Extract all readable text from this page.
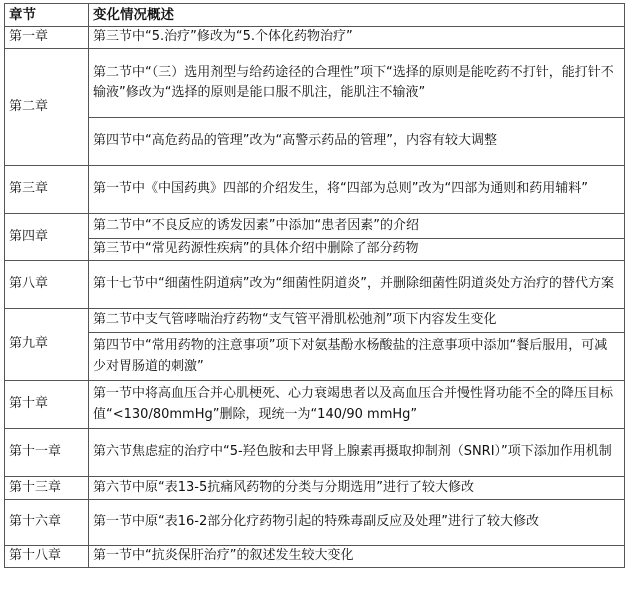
章节	变化情况概述
第一章	第三节中“5.治疗”修改为“5.个体化药物治疗”
第二章	第二节中“（三）选用剂型与给药途径的合理性”项下“选择的原则是能吃药不打针，能打针不输液”修改为“选择的原则是能口服不肌注，能肌注不输液”
	第四节中“高危药品的管理”改为“高警示药品的管理”，内容有较大调整
第三章	第一节中《中国药典》四部的介绍发生，将“四部为总则”改为“四部为通则和药用辅料”
第四章	第二节中“不良反应的诱发因素”中添加“患者因素”的介绍
	第三节中“常见药源性疾病”的具体介绍中删除了部分药物
第八章	第十七节中“细菌性阴道病”改为“细菌性阴道炎”，并删除细菌性阴道炎处方治疗的替代方案
第九章	第二节中支气管哮喘治疗药物“支气管平滑肌松弛剂”项下内容发生变化
	第四节中“常用药物的注意事项”项下对氨基酚水杨酸盐的注意事项中添加“餐后服用，可减少对胃肠道的刺激”
第十章	第一节中将高血压合并心肌梗死、心力衰竭患者以及高血压合并慢性肾功能不全的降压目标值“<130/80mmHg”删除，现统一为“140/90 mmHg”
第十一章	第六节焦虑症的治疗中“5-羟色胺和去甲肾上腺素再摄取抑制剂（SNRI）”项下添加作用机制
第十三章	第六节中原“表13-5抗痛风药物的分类与分期选用”进行了较大修改
第十六章	第一节中原“表16-2部分化疗药物引起的特殊毒副反应及处理”进行了较大修改
第十八章	第一节中“抗炎保肝治疗”的叙述发生较大变化
